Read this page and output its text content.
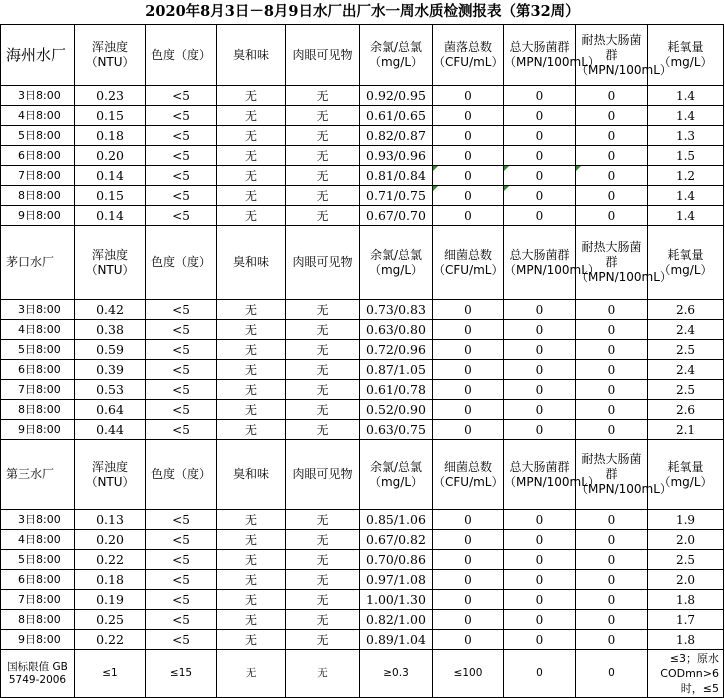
2020年8月3日－8月9日水厂出厂水一周水质检测报表（第32周）
海州水厂	浑浊度（NTU）	色度（度）	臭和味	肉眼可见物	余氯/总氯（mg/L）	菌落总数（CFU/mL）	总大肠菌群（MPN/100mL）	耐热大肠菌群（MPN/100mL）	耗氧量（mg/L）
3日8:00	0.23	<5	无	无	0.92/0.95	0	0	0	1.4
4日8:00	0.15	<5	无	无	0.61/0.65	0	0	0	1.4
5日8:00	0.18	<5	无	无	0.82/0.87	0	0	0	1.3
6日8:00	0.20	<5	无	无	0.93/0.96	0	0	0	1.5
7日8:00	0.14	<5	无	无	0.81/0.84	0	0	0	1.2
8日8:00	0.15	<5	无	无	0.71/0.75	0	0	0	1.4
9日8:00	0.14	<5	无	无	0.67/0.70	0	0	0	1.4
茅口水厂	浑浊度（NTU）	色度（度）	臭和味	肉眼可见物	余氯/总氯（mg/L）	细菌总数（CFU/mL）	总大肠菌群（MPN/100mL）	耐热大肠菌群（MPN/100mL）	耗氧量（mg/L）
3日8:00	0.42	<5	无	无	0.73/0.83	0	0	0	2.6
4日8:00	0.38	<5	无	无	0.63/0.80	0	0	0	2.4
5日8:00	0.59	<5	无	无	0.72/0.96	0	0	0	2.5
6日8:00	0.39	<5	无	无	0.87/1.05	0	0	0	2.4
7日8:00	0.53	<5	无	无	0.61/0.78	0	0	0	2.5
8日8:00	0.64	<5	无	无	0.52/0.90	0	0	0	2.6
9日8:00	0.44	<5	无	无	0.63/0.75	0	0	0	2.1
第三水厂	浑浊度（NTU）	色度（度）	臭和味	肉眼可见物	余氯/总氯（mg/L）	细菌总数（CFU/mL）	总大肠菌群（MPN/100mL）	耐热大肠菌群（MPN/100mL）	耗氧量（mg/L）
3日8:00	0.13	<5	无	无	0.85/1.06	0	0	0	1.9
4日8:00	0.20	<5	无	无	0.67/0.82	0	0	0	2.0
5日8:00	0.22	<5	无	无	0.70/0.86	0	0	0	2.5
6日8:00	0.18	<5	无	无	0.97/1.08	0	0	0	2.0
7日8:00	0.19	<5	无	无	1.00/1.30	0	0	0	1.8
8日8:00	0.25	<5	无	无	0.82/1.00	0	0	0	1.7
9日8:00	0.22	<5	无	无	0.89/1.04	0	0	0	1.8
国标限值 GB 5749-2006	≤1	≤15	无	无	≥0.3	≤100	0	0	≤3；原水CODmn>6时，≤5
